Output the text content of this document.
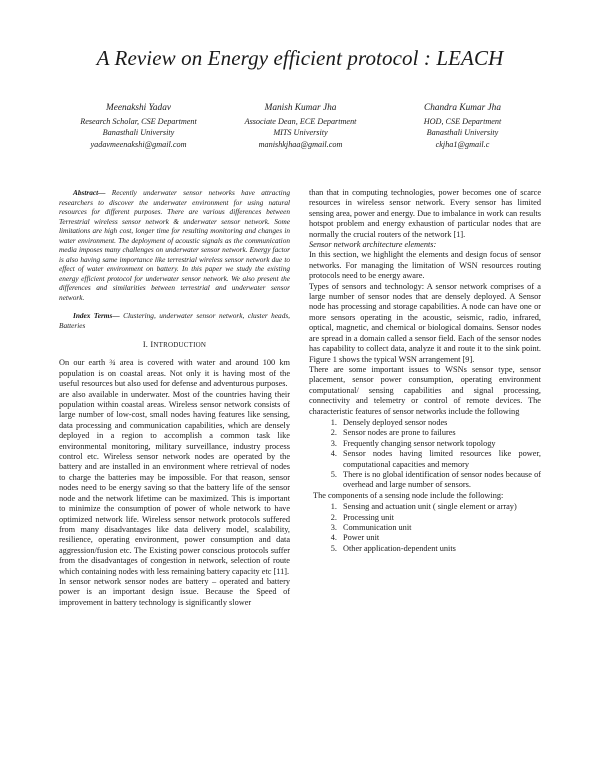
A Review on Energy efficient protocol : LEACH
Meenakshi Yadav
Research Scholar, CSE Department
Banasthali University
yadavmeenakshi@gmail.com
Manish Kumar Jha
Associate Dean, ECE Department
MITS University
manishkjhaa@gmail.com
Chandra Kumar Jha
HOD, CSE Department
Banasthali University
ckjha1@gmail.c

Abstract— Recently underwater sensor networks have attracting researchers to discover the underwater environment for using natural resources for different purposes. There are various differences between Terrestrial wireless sensor network & underwater sensor network. Some limitations are high cost, longer time for resulting monitoring and changes in water environment. The deployment of acoustic signals as the communication media imposes many challenges on underwater sensor network. Energy factor is also having same importance like terrestrial wireless sensor network due to effect of water environment on battery. In this paper we study the existing energy efficient protocol for underwater sensor network. We also present the differences and similarities between terrestrial and underwater sensor network.

Index Terms— Clustering, underwater sensor network, cluster heads, Batteries

I. INTRODUCTION

On our earth ¾ area is covered with water and around 100 km population is on coastal areas. Not only it is having most of the useful resources but also used for defense and adventurous purposes.

are also available in underwater. Most of the countries having their population within coastal areas. Wireless sensor network consists of large number of low-cost, small nodes having features like sensing, data processing and communication capabilities, which are densely deployed in a region to accomplish a common task like environmental monitoring, military surveillance, industry process control etc. Wireless sensor network nodes are operated by the battery and are installed in an environment where retrieval of nodes to charge the batteries may be impossible. For that reason, sensor nodes need to be energy saving so that the battery life of the sensor node and the network lifetime can be maximized. This is important to minimize the consumption of power of whole network to have optimized network life. Wireless sensor network protocols suffered from many disadvantages like data delivery model, scalability, resilience, operating environment, power consumption and data aggression/fusion etc. The Existing power conscious protocols suffer from the disadvantages of congestion in network, selection of route which containing nodes with less remaining battery capacity etc [11].

In sensor network sensor nodes are battery – operated and battery power is an important design issue. Because the Speed of improvement in battery technology is significantly slower

than that in computing technologies, power becomes one of scarce resources in wireless sensor network. Every sensor has limited sensing area, power and energy. Due to imbalance in work can results hotspot problem and energy exhaustion of particular nodes that are normally the crucial routers of the network [1].

Sensor network architecture elements:

In this section, we highlight the elements and design focus of sensor networks. For managing the limitation of WSN resources routing protocols need to be energy aware.

Types of sensors and technology: A sensor network comprises of a large number of sensor nodes that are densely deployed. A Sensor node has processing and storage capabilities. A node can have one or more sensors operating in the acoustic, seismic, radio, infrared, optical, magnetic, and chemical or biological domains. Sensor nodes are spread in a domain called a sensor field. Each of the sensor nodes has capability to collect data, analyze it and route it to the sink point. Figure 1 shows the typical WSN arrangement [9].

There are some important issues to WSNs sensor type, sensor placement, sensor power consumption, operating environment computational/ sensing capabilities and signal processing, connectivity and telemetry or control of remote devices. The characteristic features of sensor networks include the following

1. Densely deployed sensor nodes
2. Sensor nodes are prone to failures
3. Frequently changing sensor network topology
4. Sensor nodes having limited resources like power, computational capacities and memory
5. There is no global identification of sensor nodes because of overhead and large number of sensors.

The components of a sensing node include the following:

1. Sensing and actuation unit ( single element or array)
2. Processing unit
3. Communication unit
4. Power unit
5. Other application-dependent units
